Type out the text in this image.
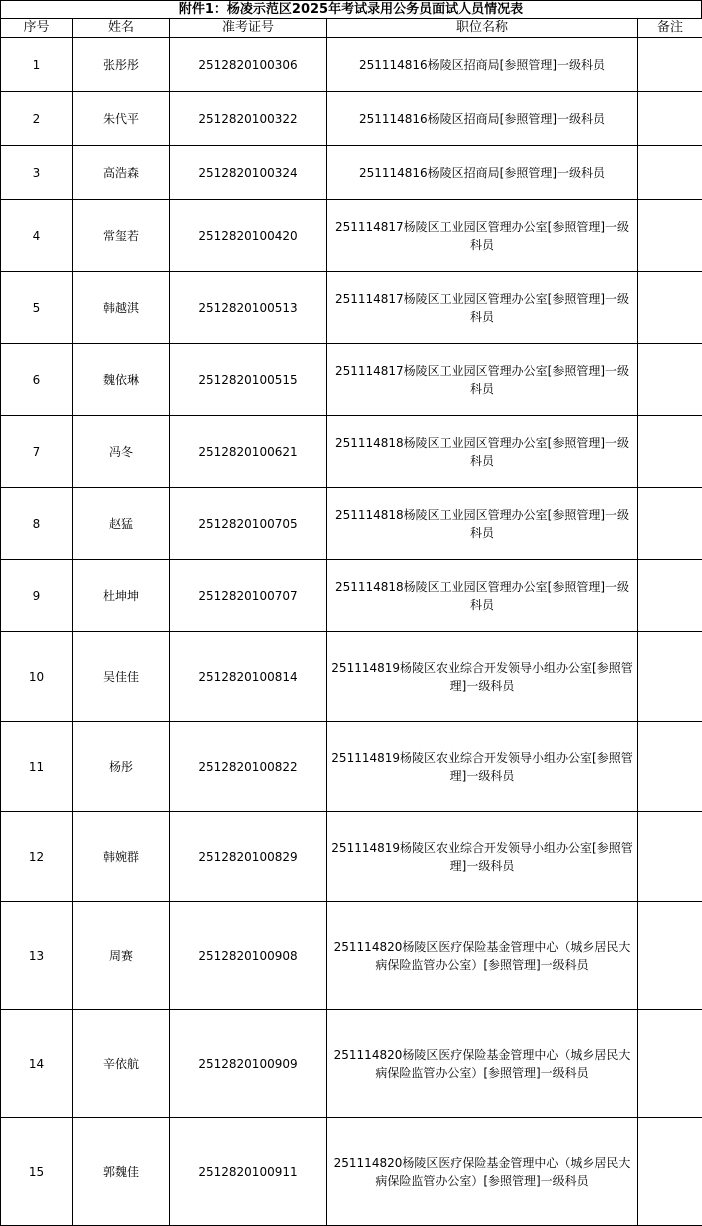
附件1：杨凌示范区2025年考试录用公务员面试人员情况表
序号	姓名	准考证号	职位名称	备注
1	张彤彤	2512820100306	251114816杨陵区招商局[参照管理]一级科员	
2	朱代平	2512820100322	251114816杨陵区招商局[参照管理]一级科员	
3	高浩森	2512820100324	251114816杨陵区招商局[参照管理]一级科员	
4	常玺若	2512820100420	251114817杨陵区工业园区管理办公室[参照管理]一级科员	
5	韩越淇	2512820100513	251114817杨陵区工业园区管理办公室[参照管理]一级科员	
6	魏依琳	2512820100515	251114817杨陵区工业园区管理办公室[参照管理]一级科员	
7	冯冬	2512820100621	251114818杨陵区工业园区管理办公室[参照管理]一级科员	
8	赵猛	2512820100705	251114818杨陵区工业园区管理办公室[参照管理]一级科员	
9	杜坤坤	2512820100707	251114818杨陵区工业园区管理办公室[参照管理]一级科员	
10	吴佳佳	2512820100814	251114819杨陵区农业综合开发领导小组办公室[参照管理]一级科员	
11	杨彤	2512820100822	251114819杨陵区农业综合开发领导小组办公室[参照管理]一级科员	
12	韩婉群	2512820100829	251114819杨陵区农业综合开发领导小组办公室[参照管理]一级科员	
13	周赛	2512820100908	251114820杨陵区医疗保险基金管理中心（城乡居民大病保险监管办公室）[参照管理]一级科员	
14	辛依航	2512820100909	251114820杨陵区医疗保险基金管理中心（城乡居民大病保险监管办公室）[参照管理]一级科员	
15	郭魏佳	2512820100911	251114820杨陵区医疗保险基金管理中心（城乡居民大病保险监管办公室）[参照管理]一级科员	
